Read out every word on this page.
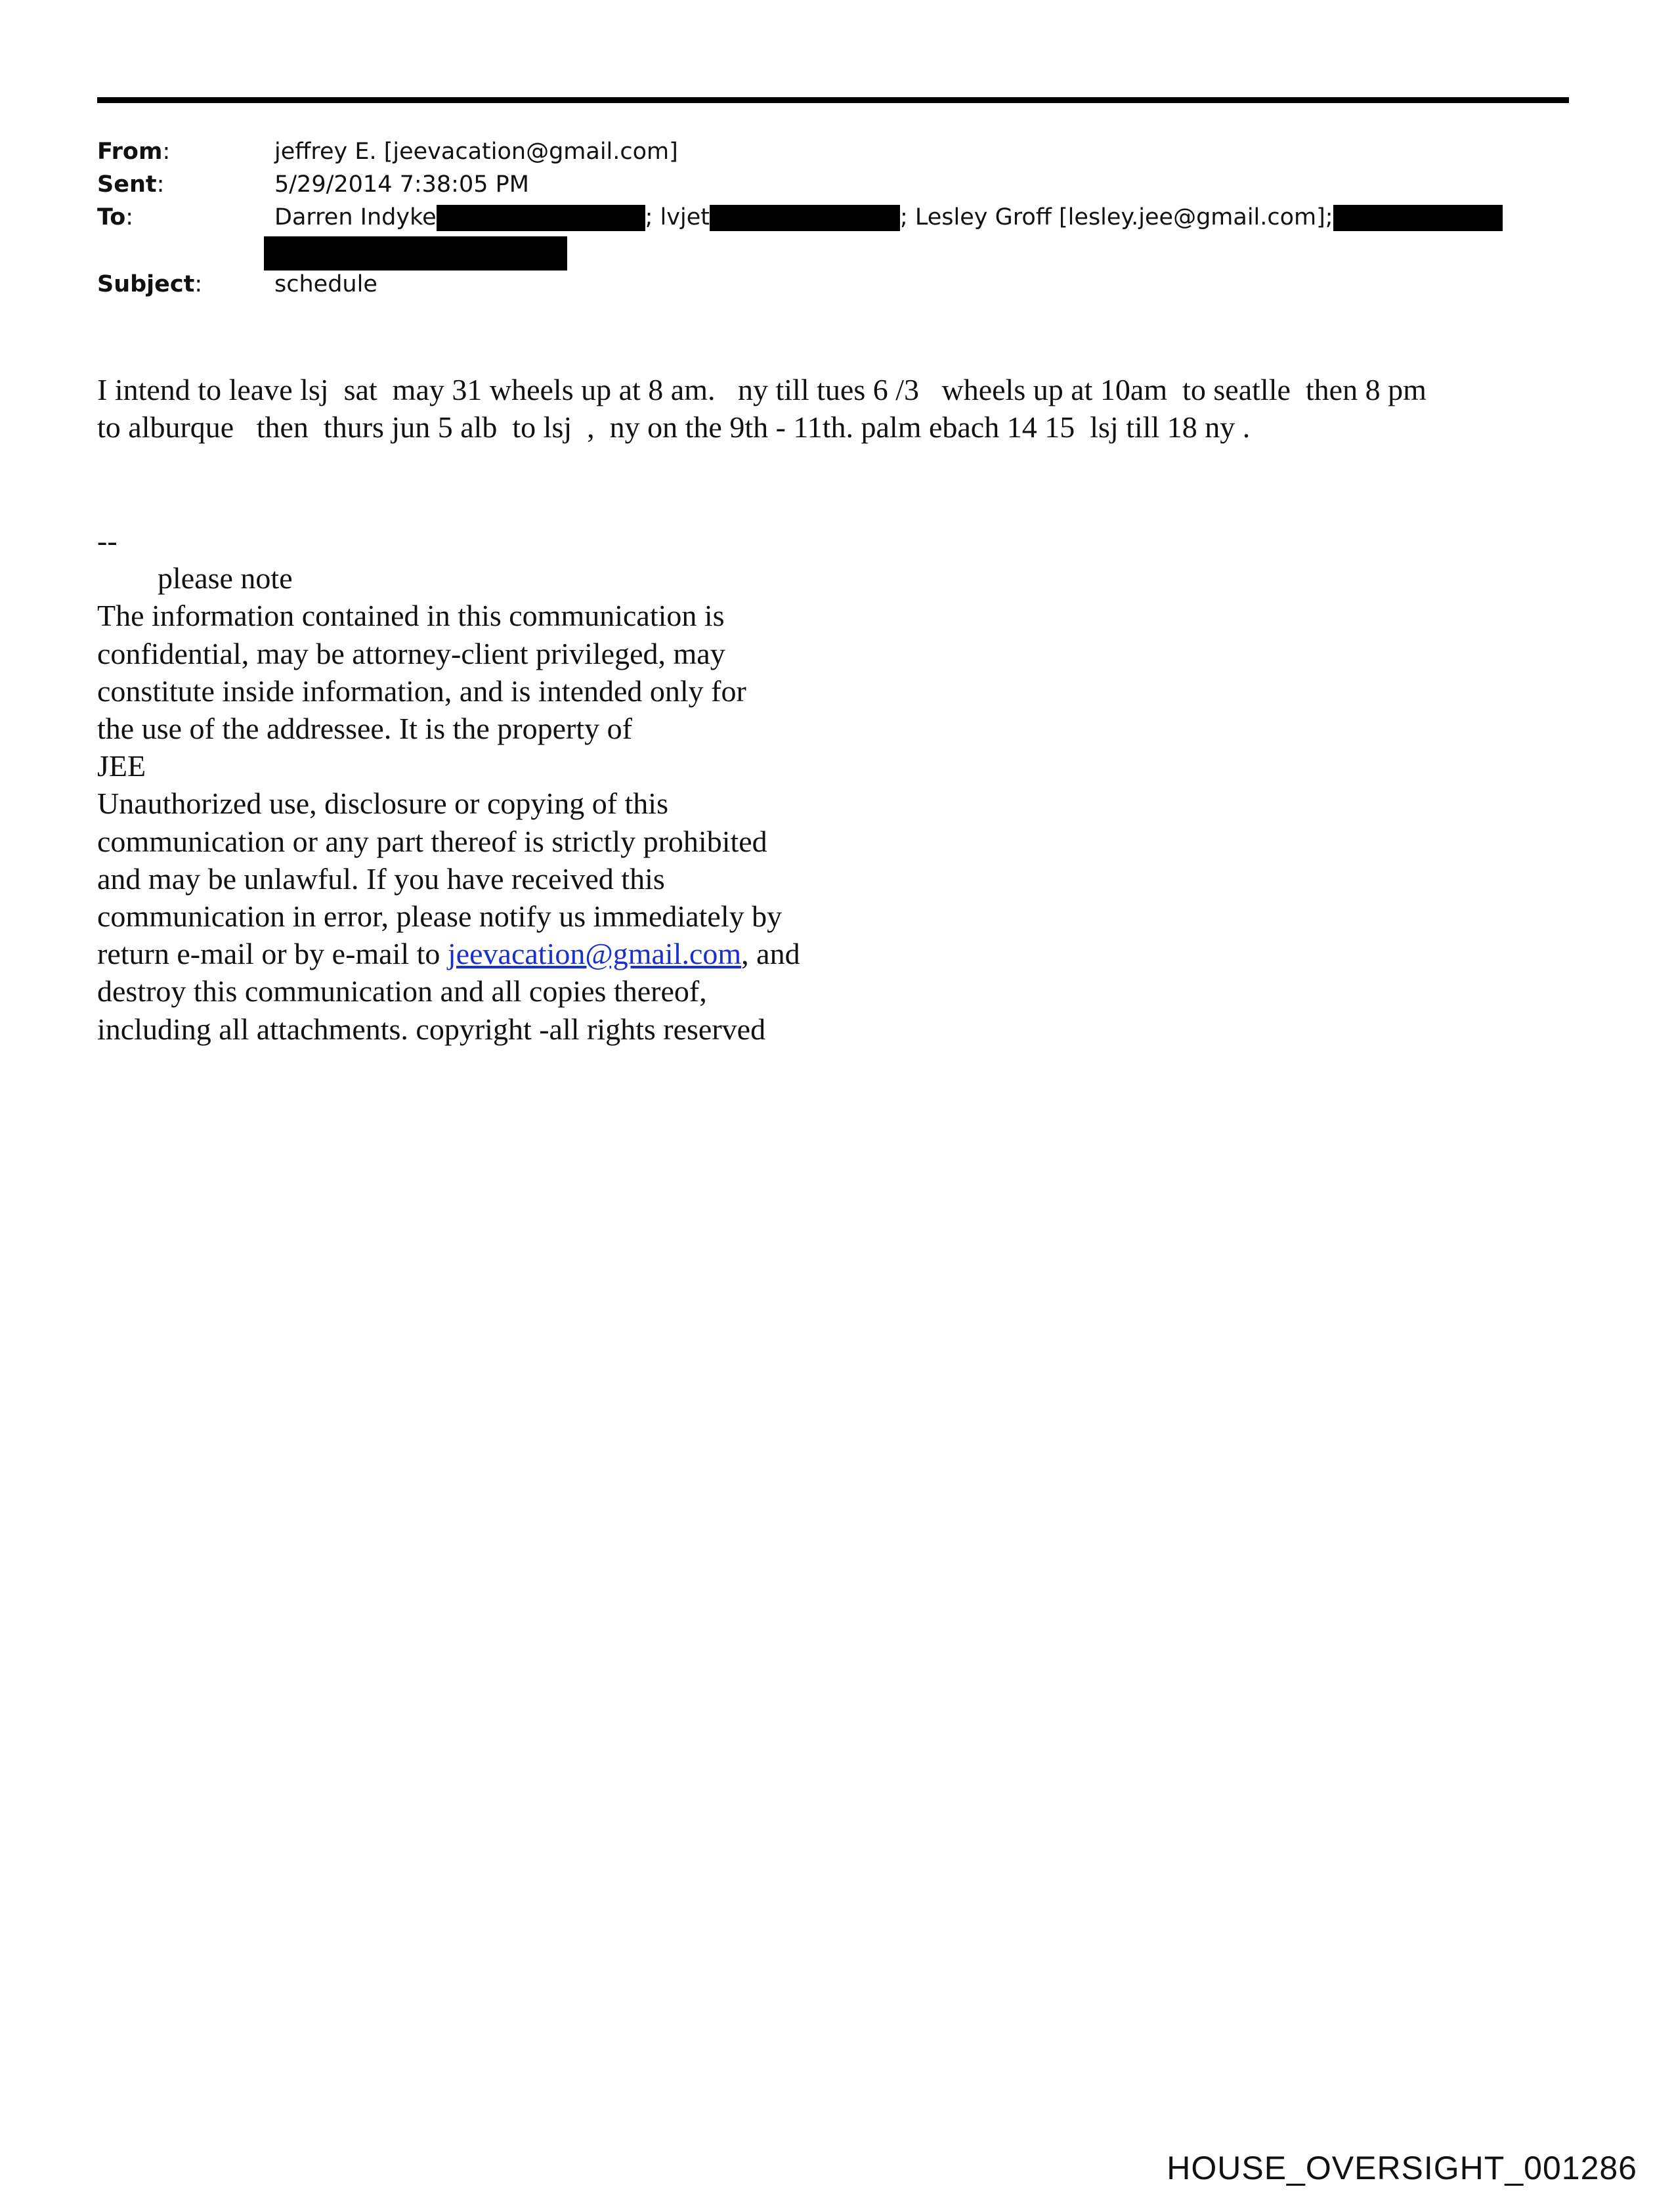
From:	jeffrey E. [jeevacation@gmail.com]
Sent:	5/29/2014 7:38:05 PM
To:	Darren Indyke	; lvjet	; Lesley Groff [lesley.jee@gmail.com];
Subject:	schedule
I intend to leave lsj  sat  may 31 wheels up at 8 am.   ny till tues 6 /3   wheels up at 10am  to seatlle  then 8 pm
to alburque   then  thurs jun 5 alb  to lsj  ,  ny on the 9th - 11th. palm ebach 14 15  lsj till 18 ny .
--
please note
The information contained in this communication is
confidential, may be attorney-client privileged, may
constitute inside information, and is intended only for
the use of the addressee. It is the property of
JEE
Unauthorized use, disclosure or copying of this
communication or any part thereof is strictly prohibited
and may be unlawful. If you have received this
communication in error, please notify us immediately by
return e-mail or by e-mail to jeevacation@gmail.com, and
destroy this communication and all copies thereof,
including all attachments. copyright -all rights reserved
HOUSE_OVERSIGHT_001286
